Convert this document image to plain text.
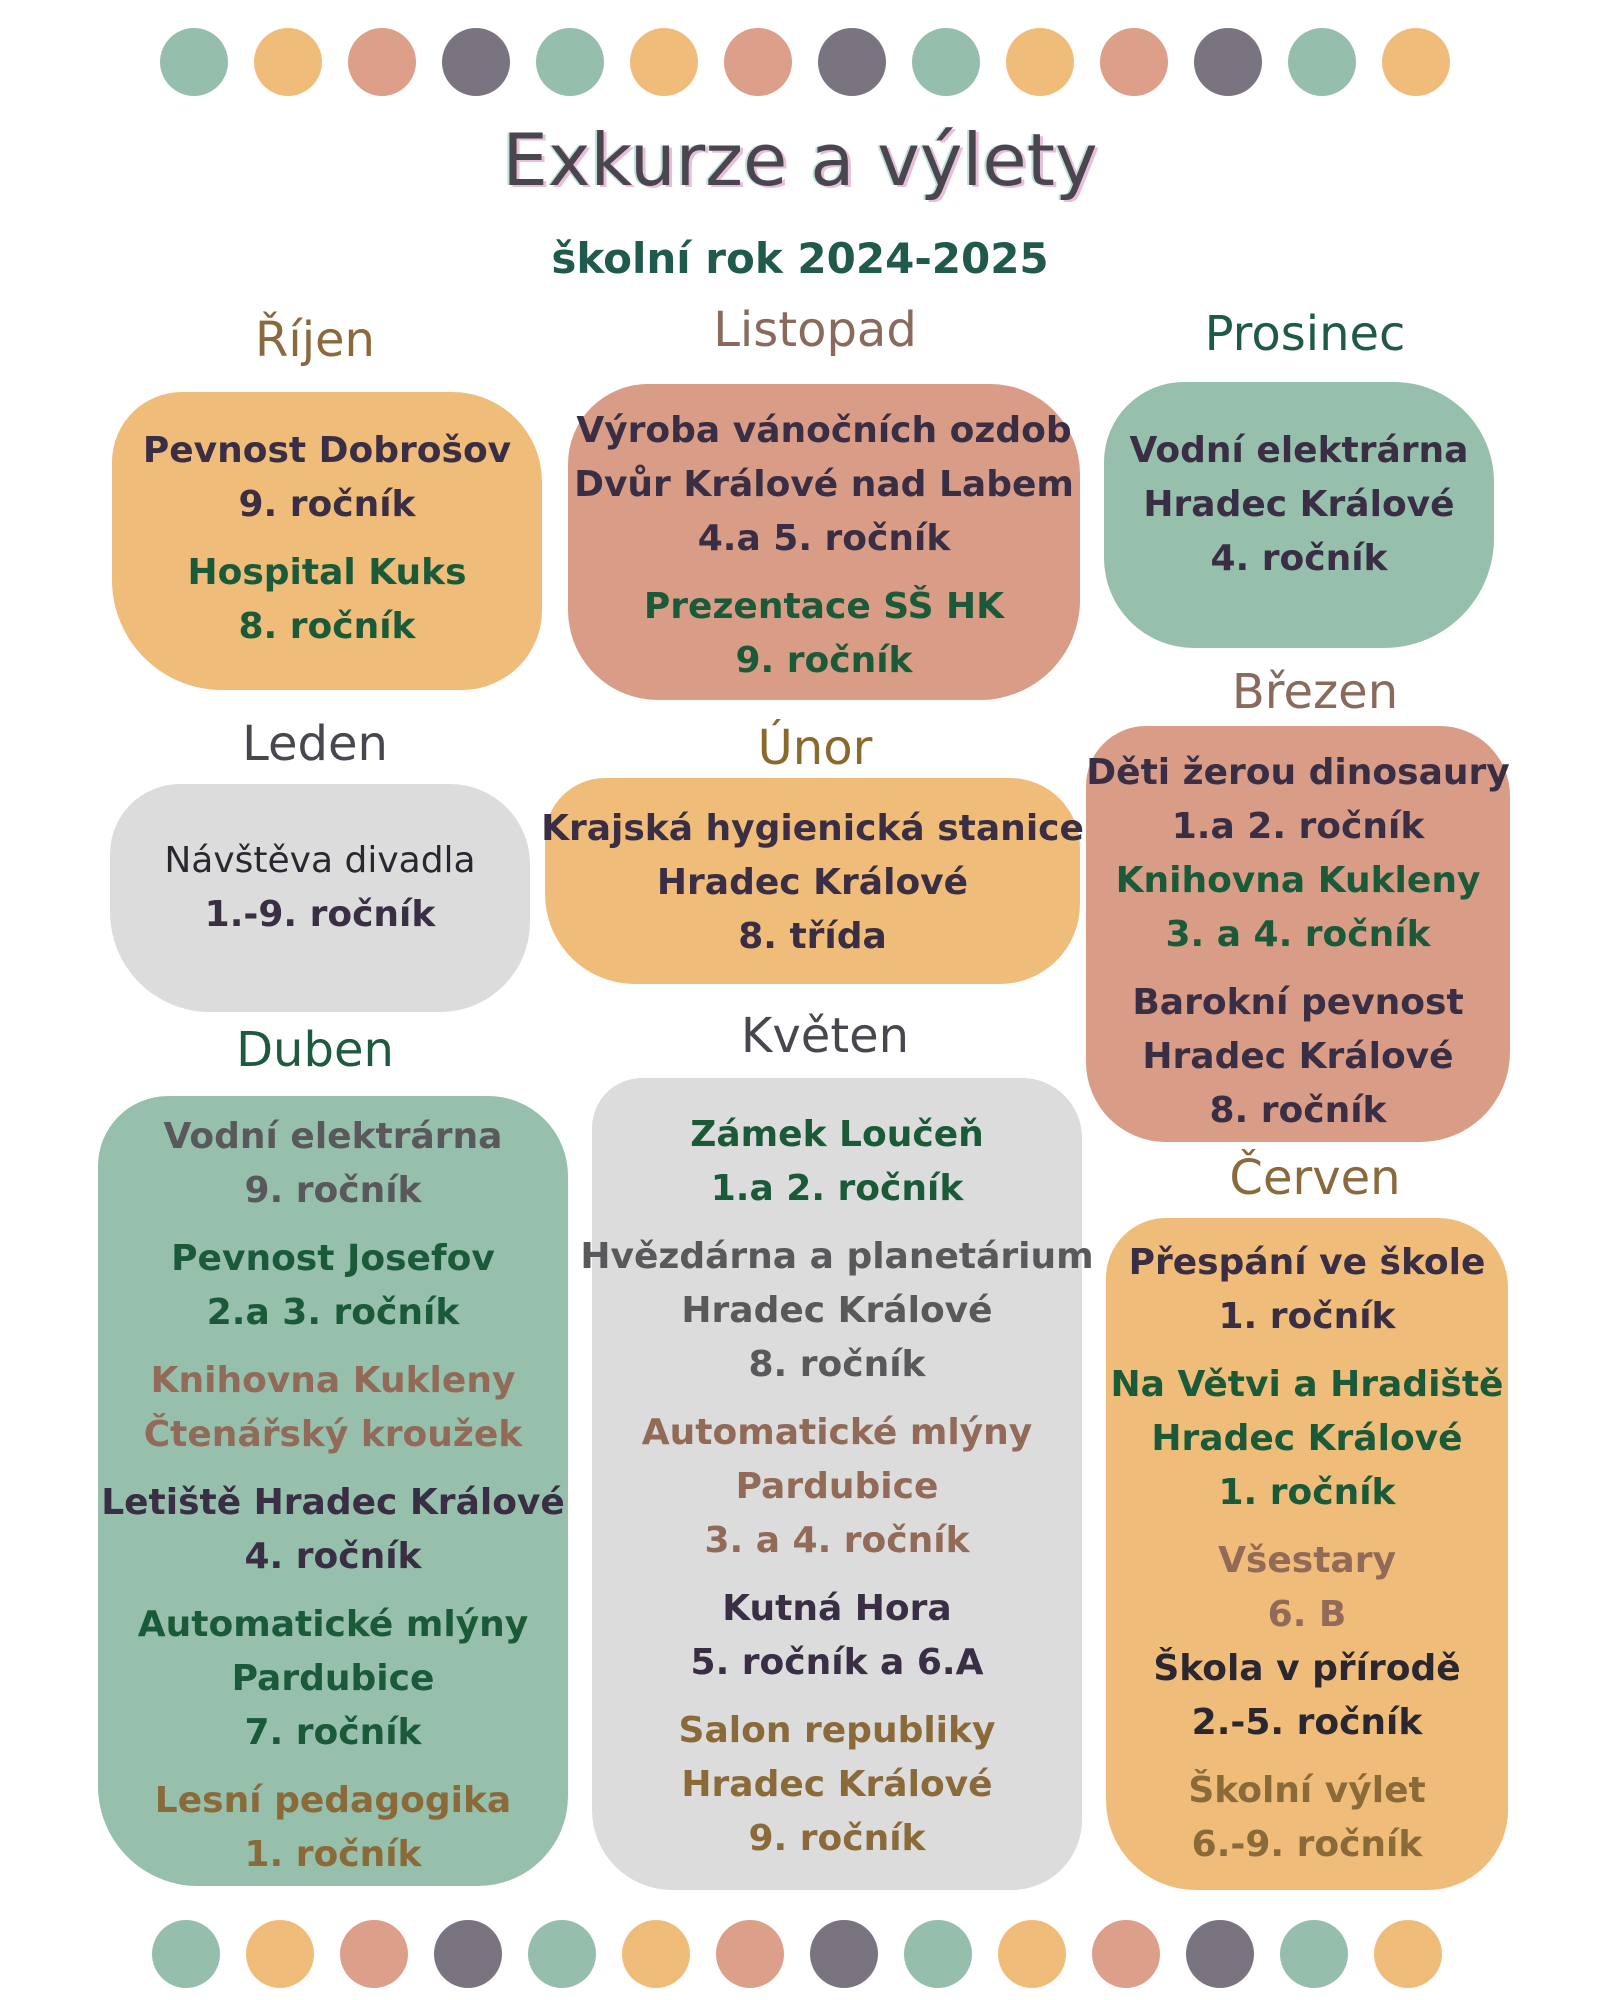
Exkurze a výlety
školní rok 2024-2025
Říjen	Listopad	Prosinec
Leden	Únor
Březen
Duben	Květen
Červen
Pevnost Dobrošov
9. ročník
Hospital Kuks
8. ročník
Výroba vánočních ozdob
Dvůr Králové nad Labem
4.a 5. ročník
Prezentace SŠ HK
9. ročník
Vodní elektrárna
Hradec Králové
4. ročník
Návštěva divadla
1.-9. ročník
Krajská hygienická stanice
Hradec Králové
8. třída
Děti žerou dinosaury
1.a 2. ročník
Knihovna Kukleny
3. a 4. ročník
Barokní pevnost
Hradec Králové
8. ročník
Vodní elektrárna
9. ročník
Pevnost Josefov
2.a 3. ročník
Knihovna Kukleny
Čtenářský kroužek
Letiště Hradec Králové
4. ročník
Automatické mlýny
Pardubice
7. ročník
Lesní pedagogika
1. ročník
Zámek Loučeň
1.a 2. ročník
Hvězdárna a planetárium
Hradec Králové
8. ročník
Automatické mlýny
Pardubice
3. a 4. ročník
Kutná Hora
5. ročník a 6.A
Salon republiky
Hradec Králové
9. ročník
Přespání ve škole
1. ročník
Na Větvi a Hradiště
Hradec Králové
1. ročník
Všestary
6. B
Škola v přírodě
2.-5. ročník
Školní výlet
6.-9. ročník
